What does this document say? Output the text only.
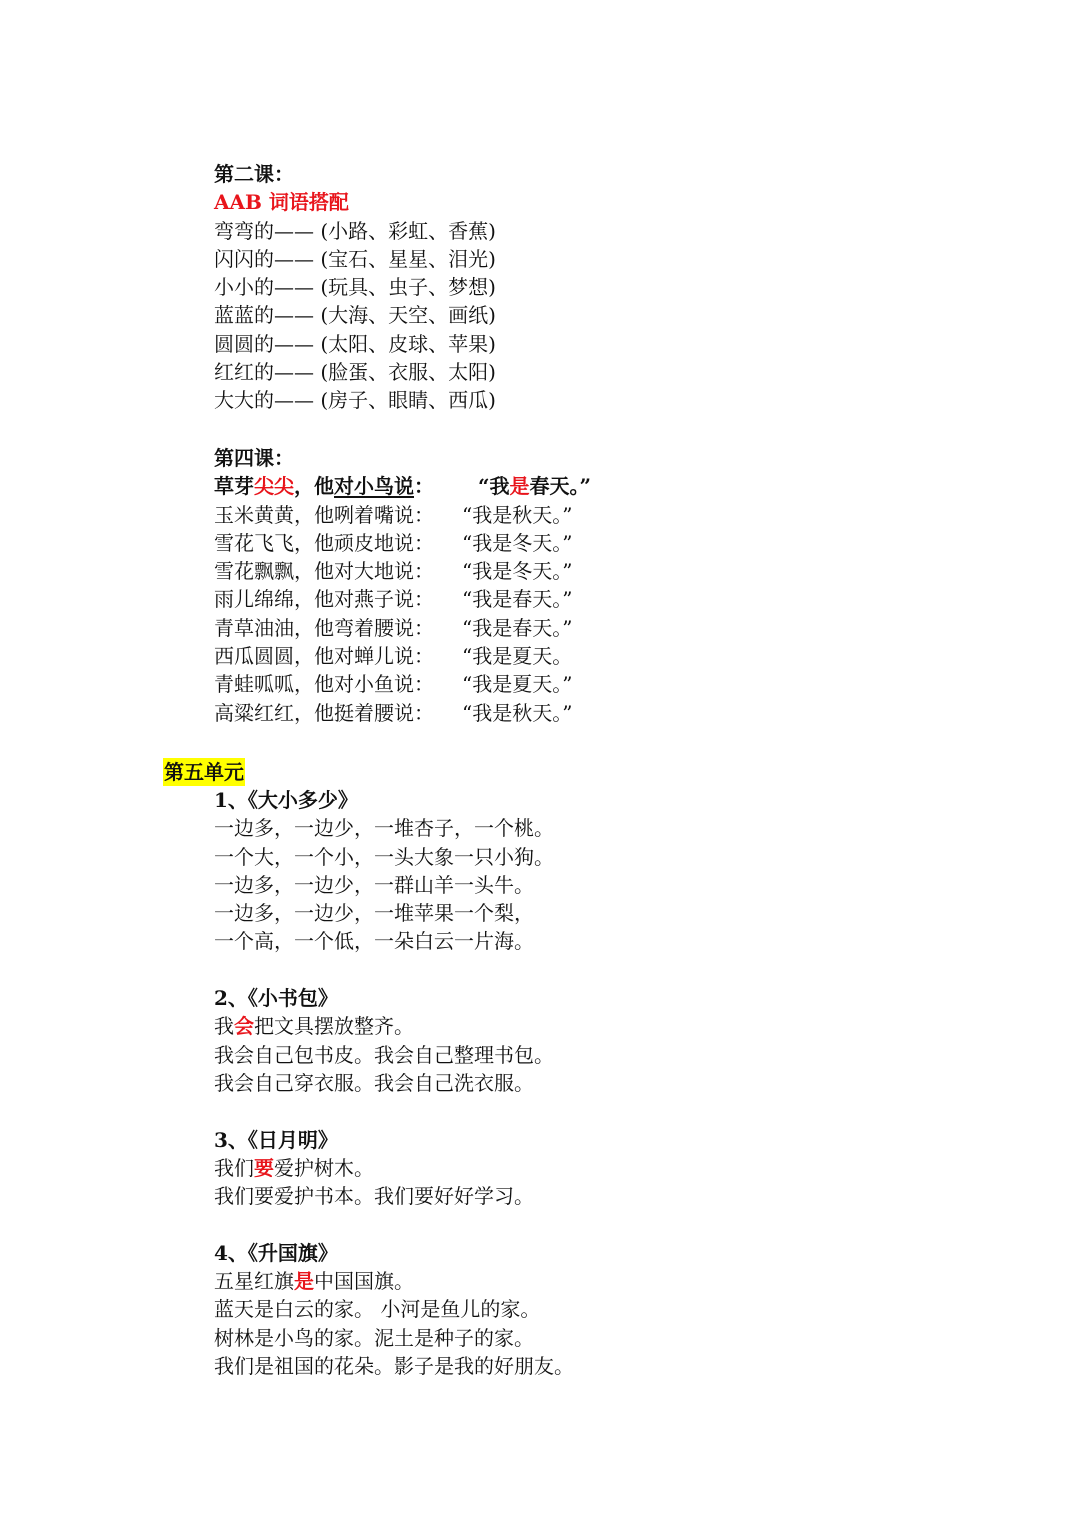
第二课：
AAB 词语搭配
弯弯的—— (小路、彩虹、香蕉)
闪闪的—— (宝石、星星、泪光)
小小的—— (玩具、虫子、梦想)
蓝蓝的—— (大海、天空、画纸)
圆圆的—— (太阳、皮球、苹果)
红红的—— (脸蛋、衣服、太阳)
大大的—— (房子、眼睛、西瓜)
第四课：
草芽尖尖，他对小鸟说： “我是春天。”
玉米黄黄，他咧着嘴说： “我是秋天。”
雪花飞飞，他顽皮地说： “我是冬天。”
雪花飘飘，他对大地说： “我是冬天。”
雨儿绵绵，他对燕子说： “我是春天。”
青草油油，他弯着腰说： “我是春天。”
西瓜圆圆，他对蝉儿说： “我是夏天。
青蛙呱呱，他对小鱼说： “我是夏天。”
高粱红红，他挺着腰说： “我是秋天。”
第五单元
1、《大小多少》
一边多，一边少，一堆杏子，一个桃。
一个大，一个小，一头大象一只小狗。
一边多，一边少，一群山羊一头牛。
一边多，一边少，一堆苹果一个梨，
一个高，一个低，一朵白云一片海。
2、《小书包》
我会把文具摆放整齐。
我会自己包书皮。我会自己整理书包。
我会自己穿衣服。我会自己洗衣服。
3、《日月明》
我们要爱护树木。
我们要爱护书本。我们要好好学习。
4、《升国旗》
五星红旗是中国国旗。
蓝天是白云的家。 小河是鱼儿的家。
树林是小鸟的家。泥土是种子的家。
我们是祖国的花朵。影子是我的好朋友。
